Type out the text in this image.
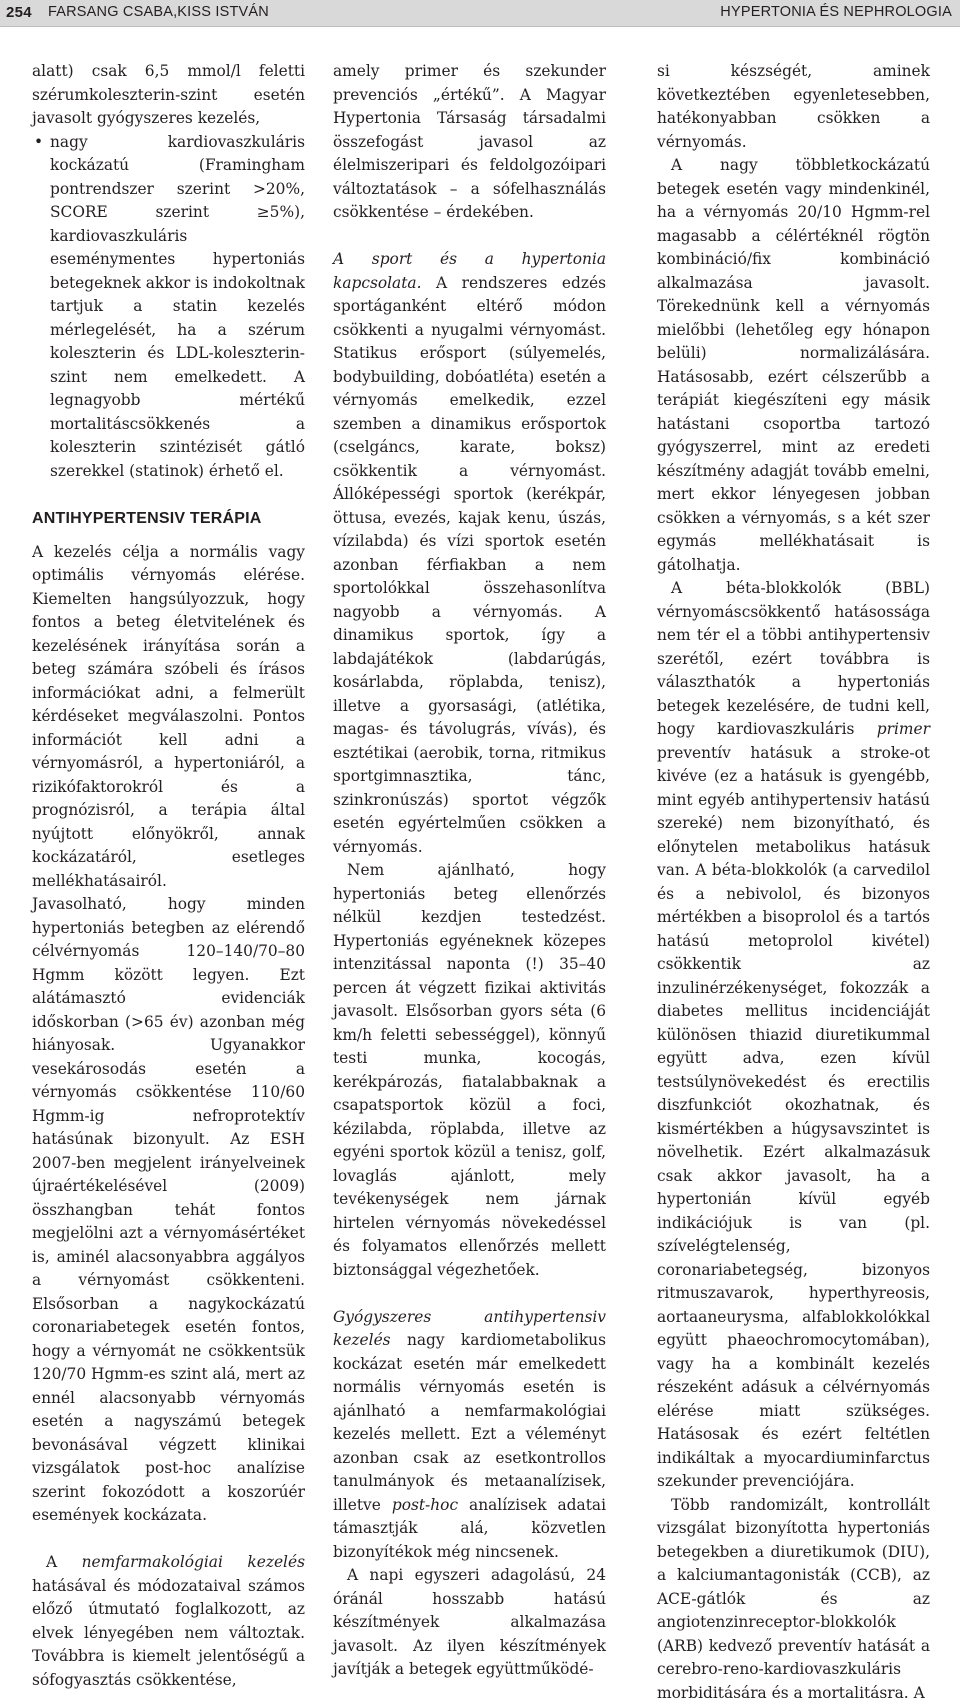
254 FARSANG CSABA,KISS ISTVÁN	HYPERTONIA ÉS NEPHROLOGIA

alatt) csak 6,5 mmol/l feletti szérumkoleszterin-szint esetén javasolt gyógyszeres kezelés,

• nagy kardiovaszkuláris kockázatú (Framingham pontrendszer szerint >20%, SCORE szerint ≥5%), kardiovaszkuláris eseménymentes hypertoniás betegeknek akkor is indokoltnak tartjuk a statin kezelés mérlegelését, ha a szérum koleszterin és LDL-koleszterin-szint nem emelkedett. A legnagyobb mértékű mortalitáscsökkenés a koleszterin szintézisét gátló szerekkel (statinok) érhető el.
ANTIHYPERTENSIV TERÁPIA

A kezelés célja a normális vagy optimális vérnyomás elérése. Kiemelten hangsúlyozzuk, hogy fontos a beteg életvitelének és kezelésének irányítása során a beteg számára szóbeli és írásos információkat adni, a felmerült kérdéseket megválaszolni. Pontos információt kell adni a vérnyomásról, a hypertoniáról, a rizikófaktorokról és a prognózisról, a terápia által nyújtott előnyökről, annak kockázatáról, esetleges mellékhatásairól.

Javasolható, hogy minden hypertoniás betegben az elérendő célvérnyomás 120–140/70–80 Hgmm között legyen. Ezt alátámasztó evidenciák időskorban (>65 év) azonban még hiányosak. Ugyanakkor vesekárosodás esetén a vérnyomás csökkentése 110/60 Hgmm-ig nefroprotektív hatásúnak bizonyult. Az ESH 2007-ben megjelent irányelveinek újraértékelésével (2009) összhangban tehát fontos megjelölni azt a vérnyomásértéket is, aminél alacsonyabbra aggályos a vérnyomást csökkenteni. Elsősorban a nagykockázatú coronariabetegek esetén fontos, hogy a vérnyomát ne csökkentsük 120/70 Hgmm-es szint alá, mert az ennél alacsonyabb vérnyomás esetén a nagyszámú betegek bevonásával végzett klinikai vizsgálatok post-hoc analízise szerint fokozódott a koszorúér események kockázata.

A nemfarmakológiai kezelés hatásával és módozataival számos előző útmutató foglalkozott, az elvek lényegében nem változtak. Továbbra is kiemelt jelentőségű a sófogyasztás csökkentése,

amely primer és szekunder prevenciós „értékű”. A Magyar Hypertonia Társaság társadalmi összefogást javasol az élelmiszeripari és feldolgozóipari változtatások – a sófelhasználás csökkentése – érdekében.

A sport és a hypertonia kapcsolata. A rendszeres edzés sportáganként eltérő módon csökkenti a nyugalmi vérnyomást. Statikus erősport (súlyemelés, bodybuilding, dobóatléta) esetén a vérnyomás emelkedik, ezzel szemben a dinamikus erősportok (cselgáncs, karate, boksz) csökkentik a vérnyomást. Állóképességi sportok (kerékpár, öttusa, evezés, kajak kenu, úszás, vízilabda) és vízi sportok esetén azonban férfiakban a nem sportolókkal összehasonlítva nagyobb a vérnyomás. A dinamikus sportok, így a labdajátékok (labdarúgás, kosárlabda, röplabda, tenisz), illetve a gyorsasági, (atlétika, magas- és távolugrás, vívás), és esztétikai (aerobik, torna, ritmikus sportgimnasztika, tánc, szinkronúszás) sportot végzők esetén egyértelműen csökken a vérnyomás.

Nem ajánlható, hogy hypertoniás beteg ellenőrzés nélkül kezdjen testedzést. Hypertoniás egyéneknek közepes intenzitással naponta (!) 35–40 percen át végzett fizikai aktivitás javasolt. Elsősorban gyors séta (6 km/h feletti sebességgel), könnyű testi munka, kocogás, kerékpározás, fiatalabbaknak a csapatsportok közül a foci, kézilabda, röplabda, illetve az egyéni sportok közül a tenisz, golf, lovaglás ajánlott, mely tevékenységek nem járnak hirtelen vérnyomás növekedéssel és folyamatos ellenőrzés mellett biztonsággal végezhetőek.

Gyógyszeres antihypertensiv kezelés nagy kardiometabolikus kockázat esetén már emelkedett normális vérnyomás esetén is ajánlható a nemfarmakológiai kezelés mellett. Ezt a véleményt azonban csak az esetkontrollos tanulmányok és metaanalízisek, illetve post-hoc analízisek adatai támasztják alá, közvetlen bizonyítékok még nincsenek.

A napi egyszeri adagolású, 24 óránál hosszabb hatású készítmények alkalmazása javasolt. Az ilyen készítmények javítják a betegek együttműködé-

si készségét, aminek következtében egyenletesebben, hatékonyabban csökken a vérnyomás.

A nagy többletkockázatú betegek esetén vagy mindenkinél, ha a vérnyomás 20/10 Hgmm-rel magasabb a célértéknél rögtön kombináció/fix kombináció alkalmazása javasolt. Törekednünk kell a vérnyomás mielőbbi (lehetőleg egy hónapon belüli) normalizálására. Hatásosabb, ezért célszerűbb a terápiát kiegészíteni egy másik hatástani csoportba tartozó gyógyszerrel, mint az eredeti készítmény adagját tovább emelni, mert ekkor lényegesen jobban csökken a vérnyomás, s a két szer egymás mellékhatásait is gátolhatja.

A béta-blokkolók (BBL) vérnyomáscsökkentő hatásossága nem tér el a többi antihypertensiv szerétől, ezért továbbra is választhatók a hypertoniás betegek kezelésére, de tudni kell, hogy kardiovaszkuláris primer preventív hatásuk a stroke-ot kivéve (ez a hatásuk is gyengébb, mint egyéb antihypertensiv hatású szereké) nem bizonyítható, és előnytelen metabolikus hatásuk van. A béta-blokkolók (a carvedilol és a nebivolol, és bizonyos mértékben a bisoprolol és a tartós hatású metoprolol kivétel) csökkentik az inzulinérzékenységet, fokozzák a diabetes mellitus incidenciáját különösen thiazid diuretikummal együtt adva, ezen kívül testsúlynövekedést és erectilis diszfunkciót okozhatnak, és kismértékben a húgysavszintet is növelhetik. Ezért alkalmazásuk csak akkor javasolt, ha a hypertonián kívül egyéb indikációjuk is van (pl. szívelégtelenség, coronariabetegség, bizonyos ritmuszavarok, hyperthyreosis, aortaaneurysma, alfablokkolókkal együtt phaeochromocytomában), vagy ha a kombinált kezelés részeként adásuk a célvérnyomás elérése miatt szükséges. Hatásosak és ezért feltétlen indikáltak a myocardiuminfarctus szekunder prevenciójára.

Több randomizált, kontrollált vizsgálat bizonyította hypertoniás betegekben a diuretikumok (DIU), a kalciumantagonisták (CCB), az ACE-gátlók és az angiotenzinreceptor-blokkolók (ARB) kedvező preventív hatását a cerebro-reno-kardiovaszkuláris morbiditására és a mortalitásra. A
